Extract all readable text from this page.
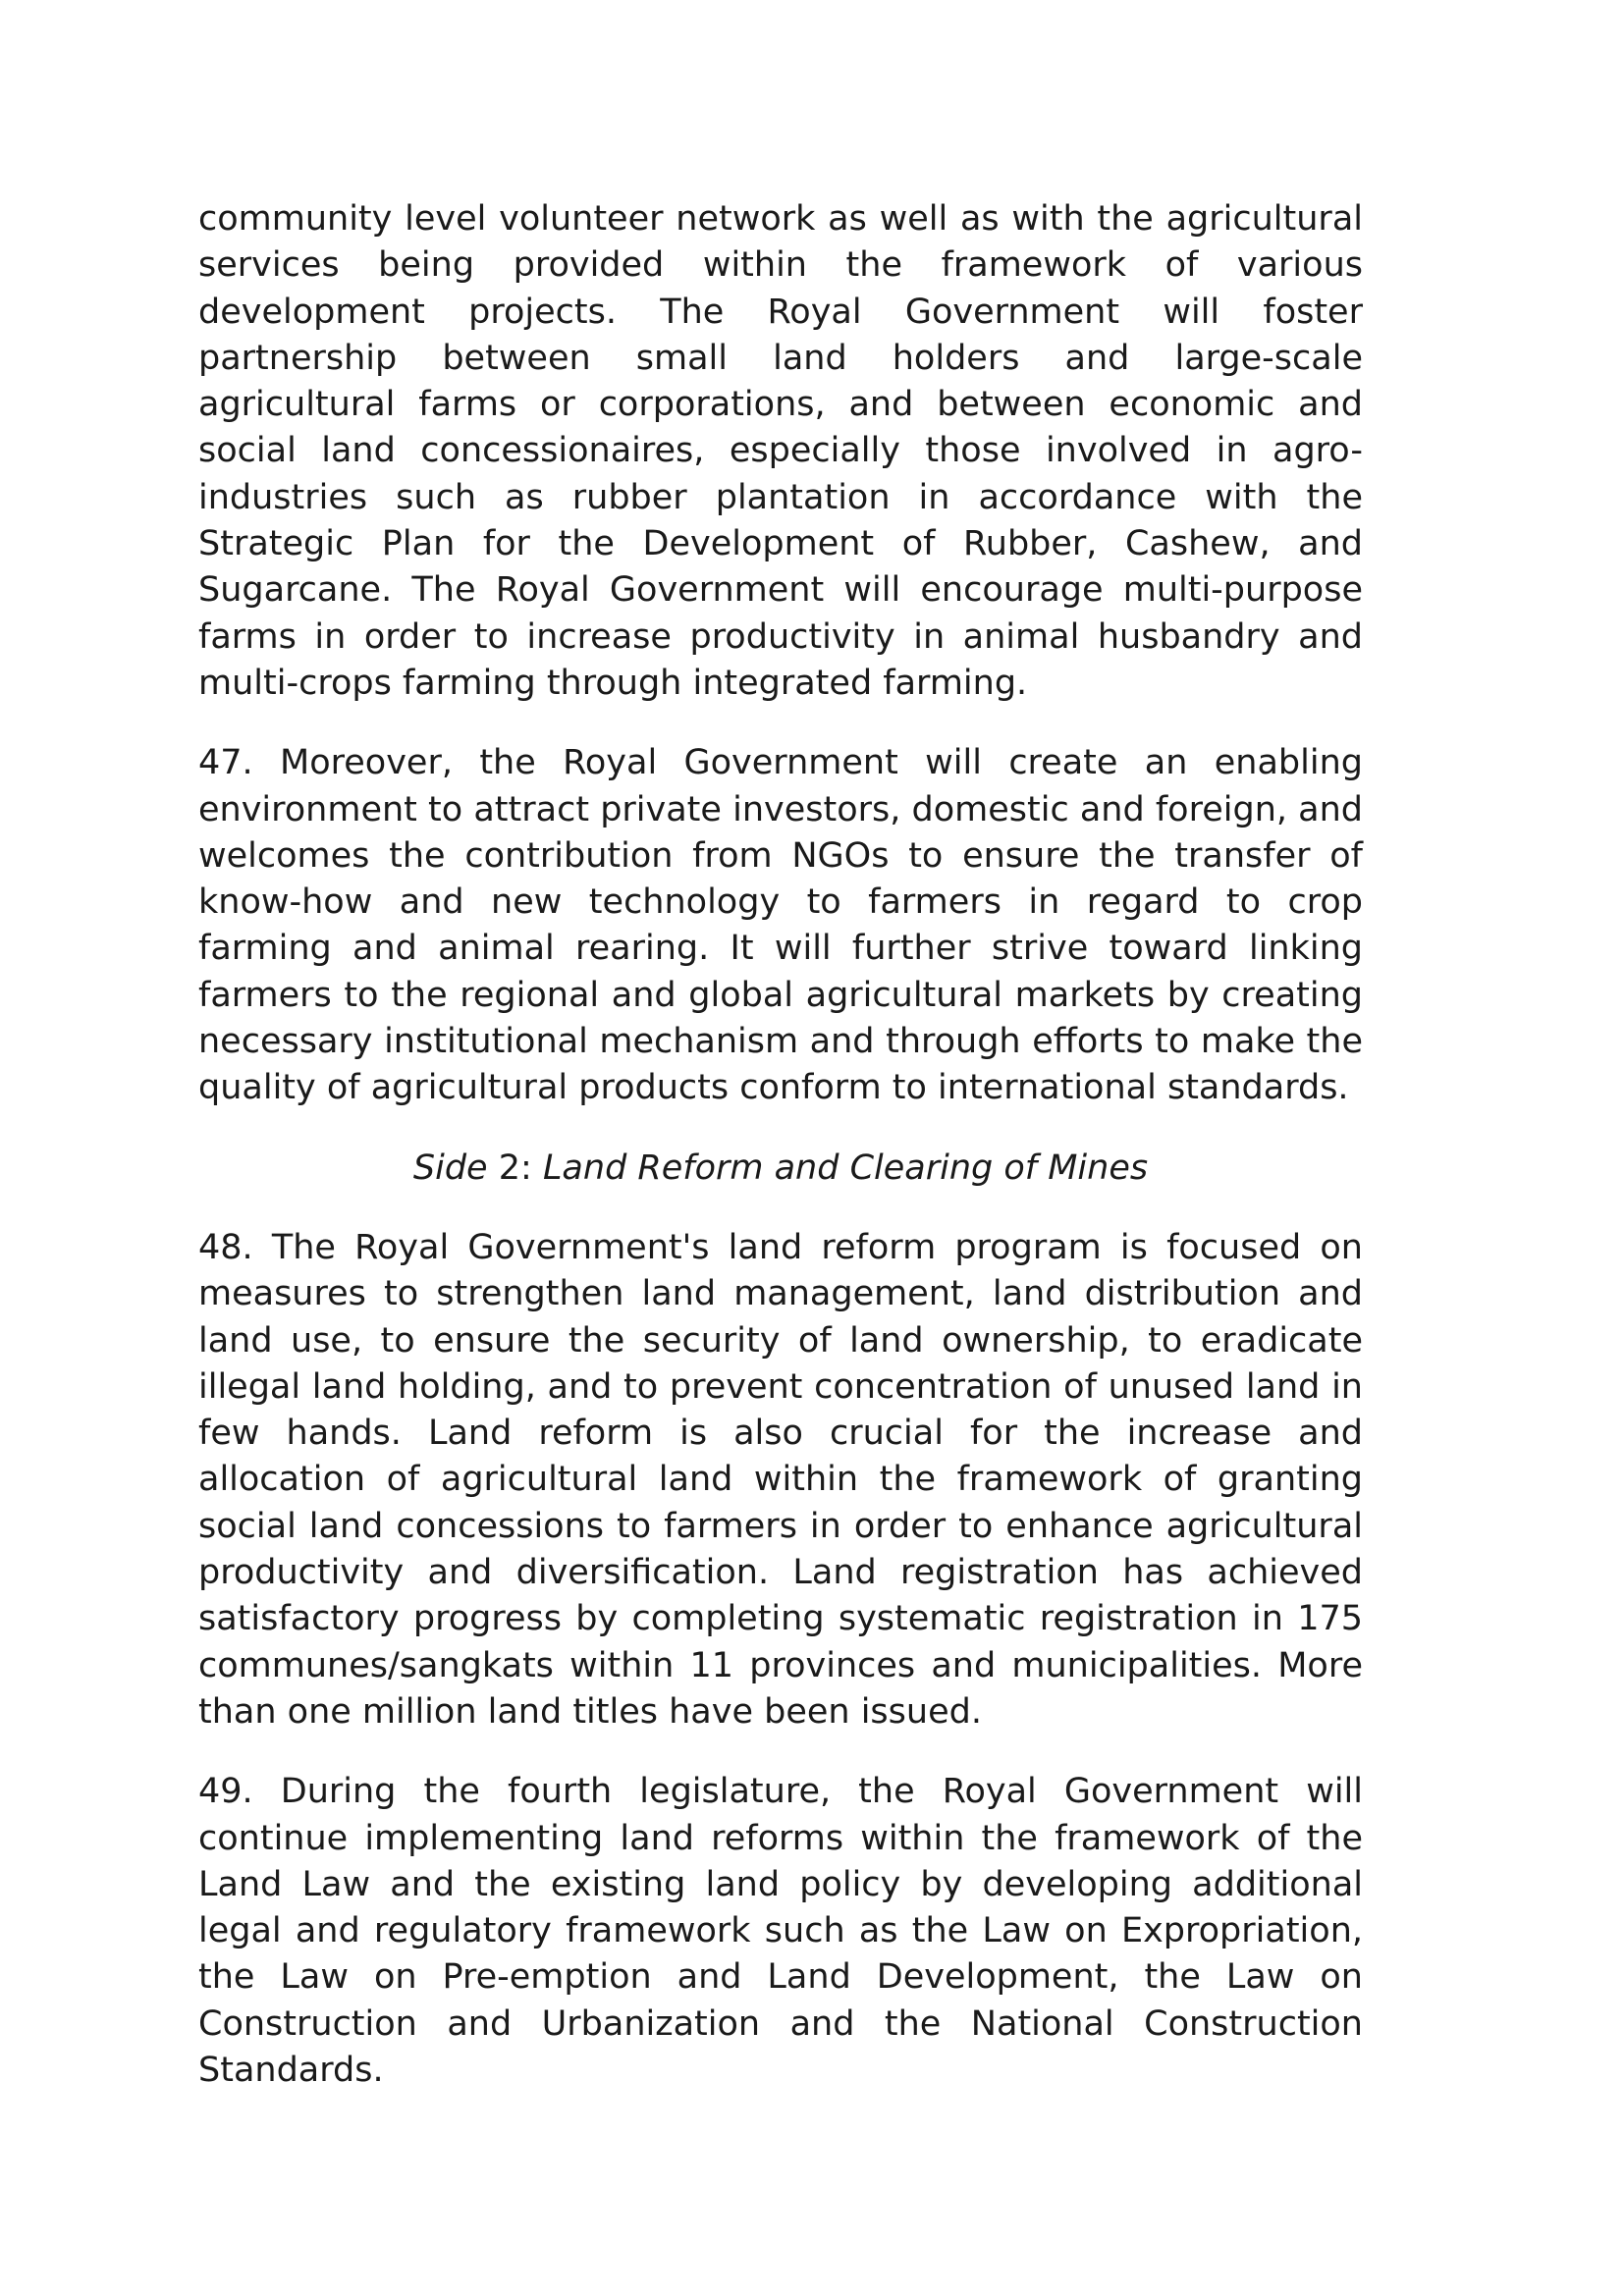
community level volunteer network as well as with the agricultural services being provided within the framework of various development projects. The Royal Government will foster partnership between small land holders and large-scale agricultural farms or corporations, and between economic and social land concessionaires, especially those involved in agro-industries such as rubber plantation in accordance with the Strategic Plan for the Development of Rubber, Cashew, and Sugarcane. The Royal Government will encourage multi-purpose farms in order to increase productivity in animal husbandry and multi-crops farming through integrated farming.

47. Moreover, the Royal Government will create an enabling environment to attract private investors, domestic and foreign, and welcomes the contribution from NGOs to ensure the transfer of know-how and new technology to farmers in regard to crop farming and animal rearing. It will further strive toward linking farmers to the regional and global agricultural markets by creating necessary institutional mechanism and through efforts to make the quality of agricultural products conform to international standards.

Side 2: Land Reform and Clearing of Mines

48. The Royal Government's land reform program is focused on measures to strengthen land management, land distribution and land use, to ensure the security of land ownership, to eradicate illegal land holding, and to prevent concentration of unused land in few hands. Land reform is also crucial for the increase and allocation of agricultural land within the framework of granting social land concessions to farmers in order to enhance agricultural productivity and diversification. Land registration has achieved satisfactory progress by completing systematic registration in 175 communes/sangkats within 11 provinces and municipalities. More than one million land titles have been issued.

49. During the fourth legislature, the Royal Government will continue implementing land reforms within the framework of the Land Law and the existing land policy by developing additional legal and regulatory framework such as the Law on Expropriation, the Law on Pre-emption and Land Development, the Law on Construction and Urbanization and the National Construction Standards.
